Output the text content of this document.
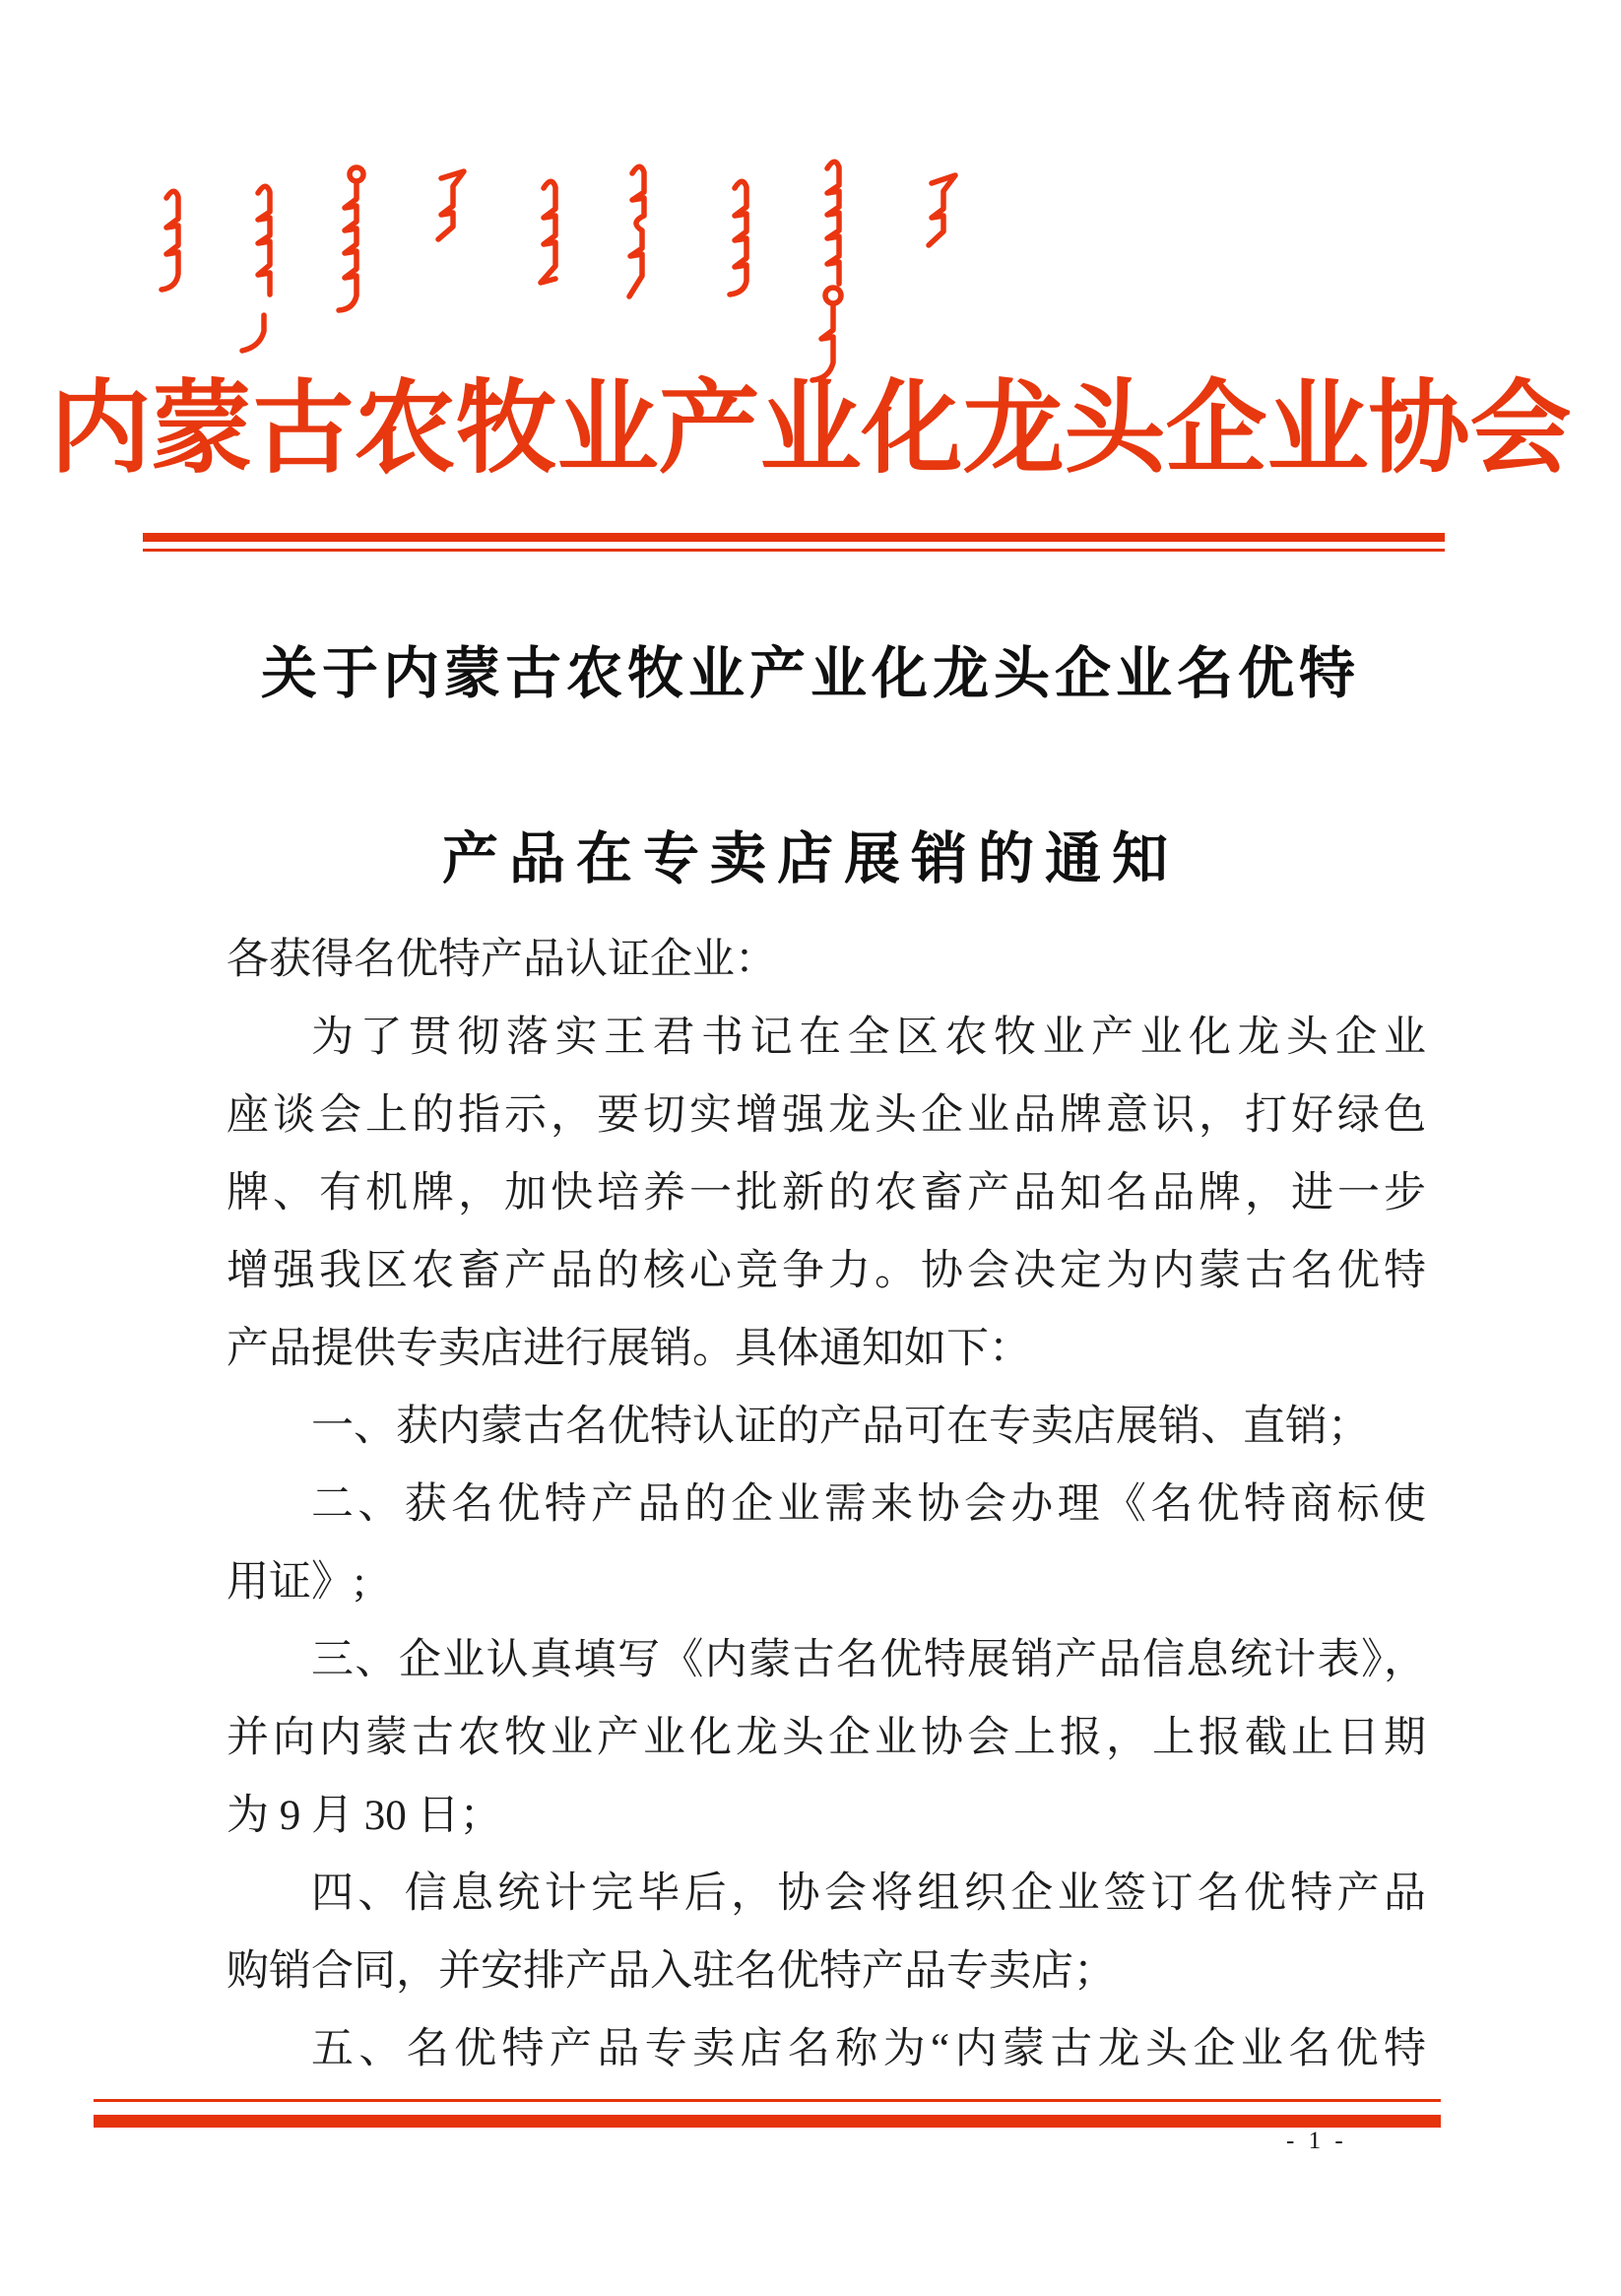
内蒙古农牧业产业化龙头企业协会
关于内蒙古农牧业产业化龙头企业名优特
产品在专卖店展销的通知
各获得名优特产品认证企业：
为了贯彻落实王君书记在全区农牧业产业化龙头企业
座谈会上的指示，要切实增强龙头企业品牌意识，打好绿色
牌、有机牌，加快培养一批新的农畜产品知名品牌，进一步
增强我区农畜产品的核心竞争力。协会决定为内蒙古名优特
产品提供专卖店进行展销。具体通知如下：
一、获内蒙古名优特认证的产品可在专卖店展销、直销；
二、获名优特产品的企业需来协会办理《名优特商标使
用证》;
三、企业认真填写《内蒙古名优特展销产品信息统计表》，
并向内蒙古农牧业产业化龙头企业协会上报，上报截止日期
为 9 月 30 日；
四、信息统计完毕后，协会将组织企业签订名优特产品
购销合同，并安排产品入驻名优特产品专卖店；
五、名优特产品专卖店名称为“内蒙古龙头企业名优特
- 1 -
